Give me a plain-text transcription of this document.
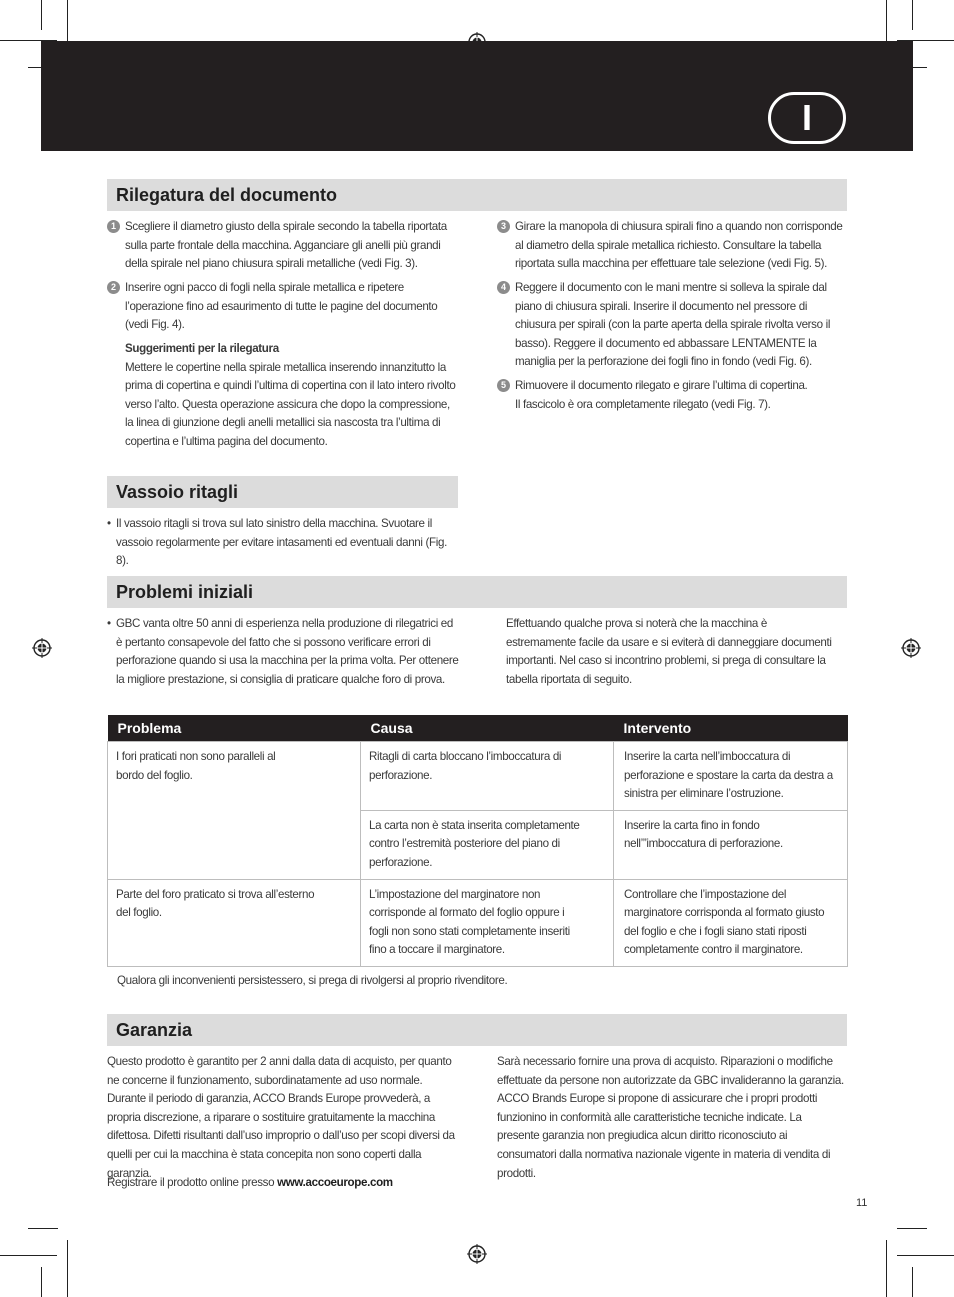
I
Rilegatura del documento
1 Scegliere il diametro giusto della spirale secondo la tabella riportata sulla parte frontale della macchina. Agganciare gli anelli più grandi della spirale nel piano chiusura spirali metalliche (vedi Fig. 3).
2 Inserire ogni pacco di fogli nella spirale metallica e ripetere l’operazione fino ad esaurimento di tutte le pagine del documento (vedi Fig. 4).
Suggerimenti per la rilegatura
Mettere le copertine nella spirale metallica inserendo innanzitutto la prima di copertina e quindi l’ultima di copertina con il lato intero rivolto verso l’alto. Questa operazione assicura che dopo la compressione, la linea di giunzione degli anelli metallici sia nascosta tra l’ultima di copertina e l’ultima pagina del documento.
3 Girare la manopola di chiusura spirali fino a quando non corrisponde al diametro della spirale metallica richiesto. Consultare la tabella riportata sulla macchina per effettuare tale selezione (vedi Fig. 5).
4 Reggere il documento con le mani mentre si solleva la spirale dal piano di chiusura spirali. Inserire il documento nel pressore di chiusura per spirali (con la parte aperta della spirale rivolta verso il basso). Reggere il documento ed abbassare LENTAMENTE la maniglia per la perforazione dei fogli fino in fondo (vedi Fig. 6).
5 Rimuovere il documento rilegato e girare l’ultima di copertina. Il fascicolo è ora completamente rilegato (vedi Fig. 7).
Vassoio ritagli
• Il vassoio ritagli si trova sul lato sinistro della macchina. Svuotare il vassoio regolarmente per evitare intasamenti ed eventuali danni (Fig. 8).
Problemi iniziali
• GBC vanta oltre 50 anni di esperienza nella produzione di rilegatrici ed è pertanto consapevole del fatto che si possono verificare errori di perforazione quando si usa la macchina per la prima volta. Per ottenere la migliore prestazione, si consiglia di praticare qualche foro di prova.
Effettuando qualche prova si noterà che la macchina è estremamente facile da usare e si eviterà di danneggiare documenti importanti. Nel caso si incontrino problemi, si prega di consultare la tabella riportata di seguito.
Problema	Causa	Intervento
I fori praticati non sono paralleli al bordo del foglio.	Ritagli di carta bloccano l’imboccatura di perforazione.	Inserire la carta nell’imboccatura di perforazione e spostare la carta da destra a sinistra per eliminare l’ostruzione.
	La carta non è stata inserita completamente contro l’estremità posteriore del piano di perforazione.	Inserire la carta fino in fondo nell’”imboccatura di perforazione.
Parte del foro praticato si trova all’esterno del foglio.	L’impostazione del marginatore non corrisponde al formato del foglio oppure i fogli non sono stati completamente inseriti fino a toccare il marginatore.	Controllare che l’impostazione del marginatore corrisponda al formato giusto del foglio e che i fogli siano stati riposti completamente contro il marginatore.
Qualora gli inconvenienti persistessero, si prega di rivolgersi al proprio rivenditore.
Garanzia
Questo prodotto è garantito per 2 anni dalla data di acquisto, per quanto ne concerne il funzionamento, subordinatamente ad uso normale. Durante il periodo di garanzia, ACCO Brands Europe provvederà, a propria discrezione, a riparare o sostituire gratuitamente la macchina difettosa. Difetti risultanti dall’uso improprio o dall’uso per scopi diversi da quelli per cui la macchina è stata concepita non sono coperti dalla garanzia.
Sarà necessario fornire una prova di acquisto. Riparazioni o modifiche effettuate da persone non autorizzate da GBC invalideranno la garanzia. ACCO Brands Europe si propone di assicurare che i propri prodotti funzionino in conformità alle caratteristiche tecniche indicate. La presente garanzia non pregiudica alcun diritto riconosciuto ai consumatori dalla normativa nazionale vigente in materia di vendita di prodotti.
Registrare il prodotto online presso www.accoeurope.com
11
